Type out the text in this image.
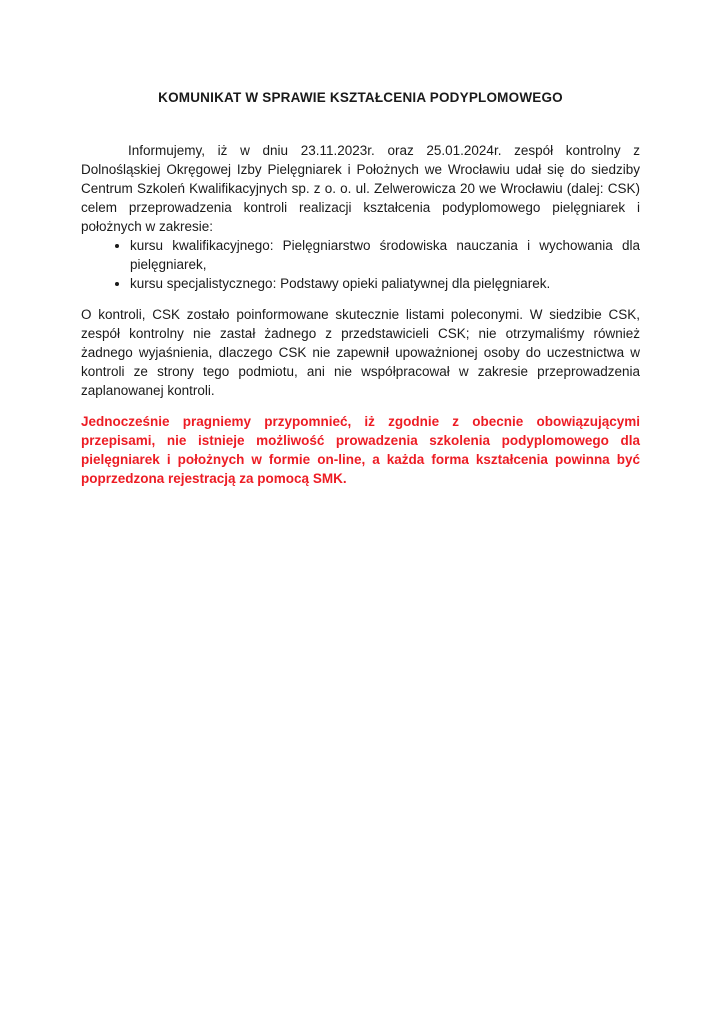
KOMUNIKAT W SPRAWIE KSZTAŁCENIA PODYPLOMOWEGO

Informujemy, iż w dniu 23.11.2023r. oraz 25.01.2024r. zespół kontrolny z Dolnośląskiej Okręgowej Izby Pielęgniarek i Położnych we Wrocławiu udał się do siedziby Centrum Szkoleń Kwalifikacyjnych sp. z o. o. ul. Zelwerowicza 20 we Wrocławiu (dalej: CSK) celem przeprowadzenia kontroli realizacji kształcenia podyplomowego pielęgniarek i położnych w zakresie:

• kursu kwalifikacyjnego: Pielęgniarstwo środowiska nauczania i wychowania dla pielęgniarek,
• kursu specjalistycznego: Podstawy opieki paliatywnej dla pielęgniarek.

O kontroli, CSK zostało poinformowane skutecznie listami poleconymi. W siedzibie CSK, zespół kontrolny nie zastał żadnego z przedstawicieli CSK; nie otrzymaliśmy również żadnego wyjaśnienia, dlaczego CSK nie zapewnił upoważnionej osoby do uczestnictwa w kontroli ze strony tego podmiotu, ani nie współpracował w zakresie przeprowadzenia zaplanowanej kontroli.

Jednocześnie pragniemy przypomnieć, iż zgodnie z obecnie obowiązującymi przepisami, nie istnieje możliwość prowadzenia szkolenia podyplomowego dla pielęgniarek i położnych w formie on-line, a każda forma kształcenia powinna być poprzedzona rejestracją za pomocą SMK.
